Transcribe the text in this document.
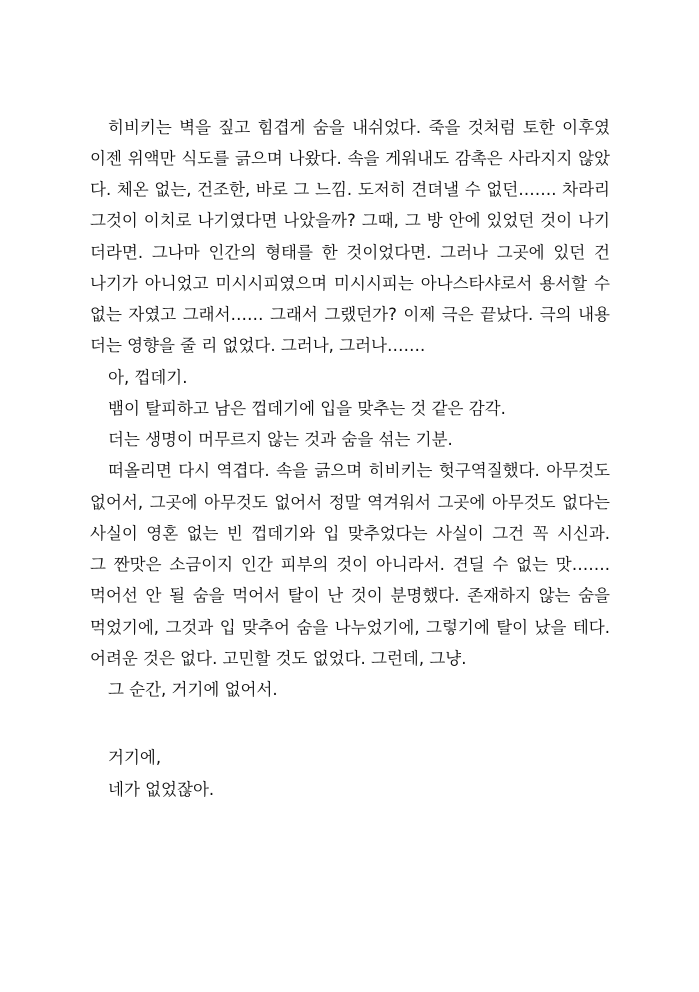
히비키는 벽을 짚고 힘겹게 숨을 내쉬었다. 죽을 것처럼 토한 이후였
이젠 위액만 식도를 긁으며 나왔다. 속을 게워내도 감촉은 사라지지 않았
다. 체온 없는, 건조한, 바로 그 느낌. 도저히 견뎌낼 수 없던……. 차라리
그것이 이치로 나기였다면 나았을까? 그때, 그 방 안에 있었던 것이 나기
더라면. 그나마 인간의 형태를 한 것이었다면. 그러나 그곳에 있던 건
나기가 아니었고 미시시피였으며 미시시피는 아나스타샤로서 용서할 수
없는 자였고 그래서…… 그래서 그랬던가? 이제 극은 끝났다. 극의 내용
더는 영향을 줄 리 없었다. 그러나, 그러나…….
아, 껍데기.
뱀이 탈피하고 남은 껍데기에 입을 맞추는 것 같은 감각.
더는 생명이 머무르지 않는 것과 숨을 섞는 기분.
떠올리면 다시 역겹다. 속을 긁으며 히비키는 헛구역질했다. 아무것도
없어서, 그곳에 아무것도 없어서 정말 역겨워서 그곳에 아무것도 없다는
사실이 영혼 없는 빈 껍데기와 입 맞추었다는 사실이 그건 꼭 시신과.
그 짠맛은 소금이지 인간 피부의 것이 아니라서. 견딜 수 없는 맛…….
먹어선 안 될 숨을 먹어서 탈이 난 것이 분명했다. 존재하지 않는 숨을
먹었기에, 그것과 입 맞추어 숨을 나누었기에, 그렇기에 탈이 났을 테다.
어려운 것은 없다. 고민할 것도 없었다. 그런데, 그냥.
그 순간, 거기에 없어서.
거기에,
네가 없었잖아.
